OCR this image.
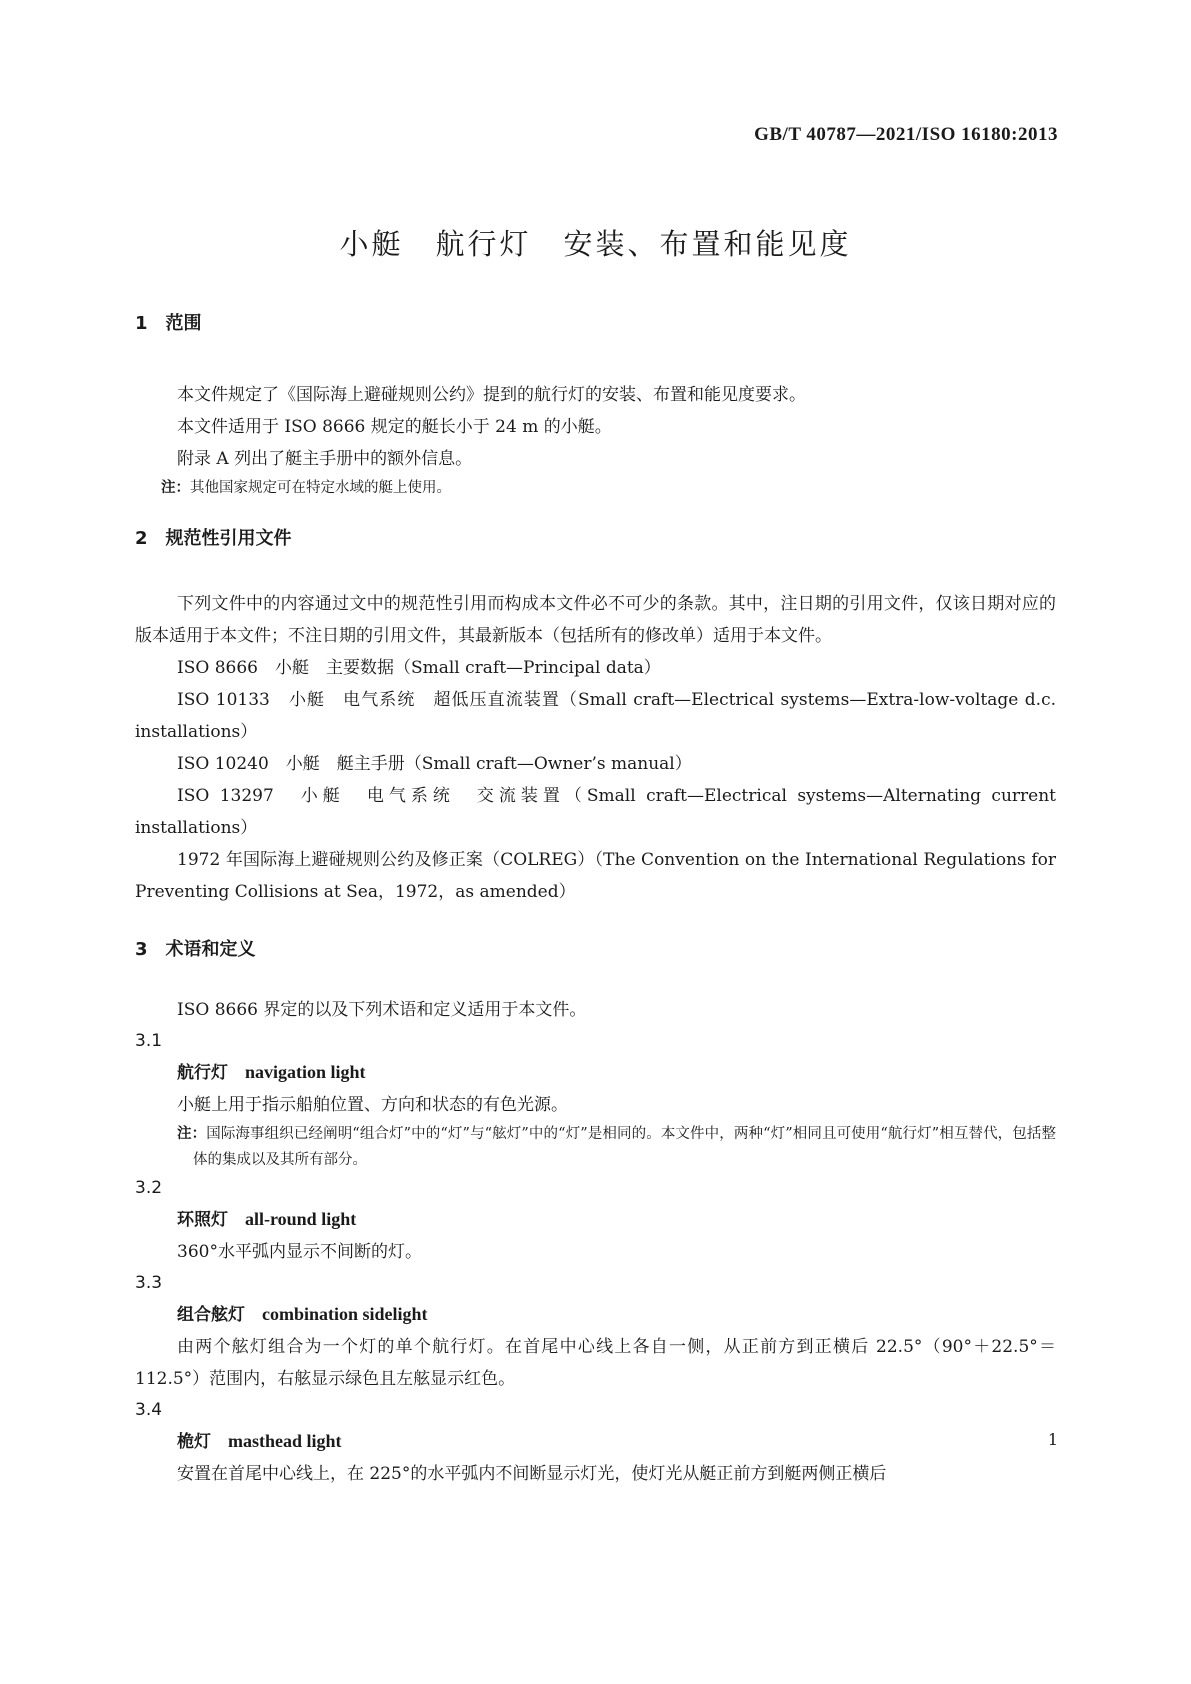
GB/T 40787—2021/ISO 16180:2013
小艇　航行灯　安装、布置和能见度
1　范围
本文件规定了《国际海上避碰规则公约》提到的航行灯的安装、布置和能见度要求。
本文件适用于 ISO 8666 规定的艇长小于 24 m 的小艇。
附录 A 列出了艇主手册中的额外信息。
注：其他国家规定可在特定水域的艇上使用。
2　规范性引用文件
下列文件中的内容通过文中的规范性引用而构成本文件必不可少的条款。其中，注日期的引用文件，仅该日期对应的版本适用于本文件；不注日期的引用文件，其最新版本（包括所有的修改单）适用于本文件。
ISO 8666　小艇　主要数据（Small craft—Principal data）
ISO 10133　小艇　电气系统　超低压直流装置（Small craft—Electrical systems—Extra-low-voltage d.c. installations）
ISO 10240　小艇　艇主手册（Small craft—Owner’s manual）
ISO 13297　小艇　电气系统　交流装置（Small craft—Electrical systems—Alternating current installations）
1972 年国际海上避碰规则公约及修正案（COLREG）（The Convention on the International Regulations for Preventing Collisions at Sea，1972，as amended）
3　术语和定义
ISO 8666 界定的以及下列术语和定义适用于本文件。
3.1
航行灯　 navigation light
小艇上用于指示船舶位置、方向和状态的有色光源。
注：国际海事组织已经阐明“组合灯”中的“灯”与“舷灯”中的“灯”是相同的。本文件中，两种“灯”相同且可使用“航行灯”相互替代，包括整体的集成以及其所有部分。
3.2
环照灯　 all-round light
360°水平弧内显示不间断的灯。
3.3
组合舷灯　 combination sidelight
由两个舷灯组合为一个灯的单个航行灯。在首尾中心线上各自一侧，从正前方到正横后 22.5°（90°＋22.5°＝112.5°）范围内，右舷显示绿色且左舷显示红色。
3.4
桅灯　 masthead light
安置在首尾中心线上，在 225°的水平弧内不间断显示灯光，使灯光从艇正前方到艇两侧正横后
1
